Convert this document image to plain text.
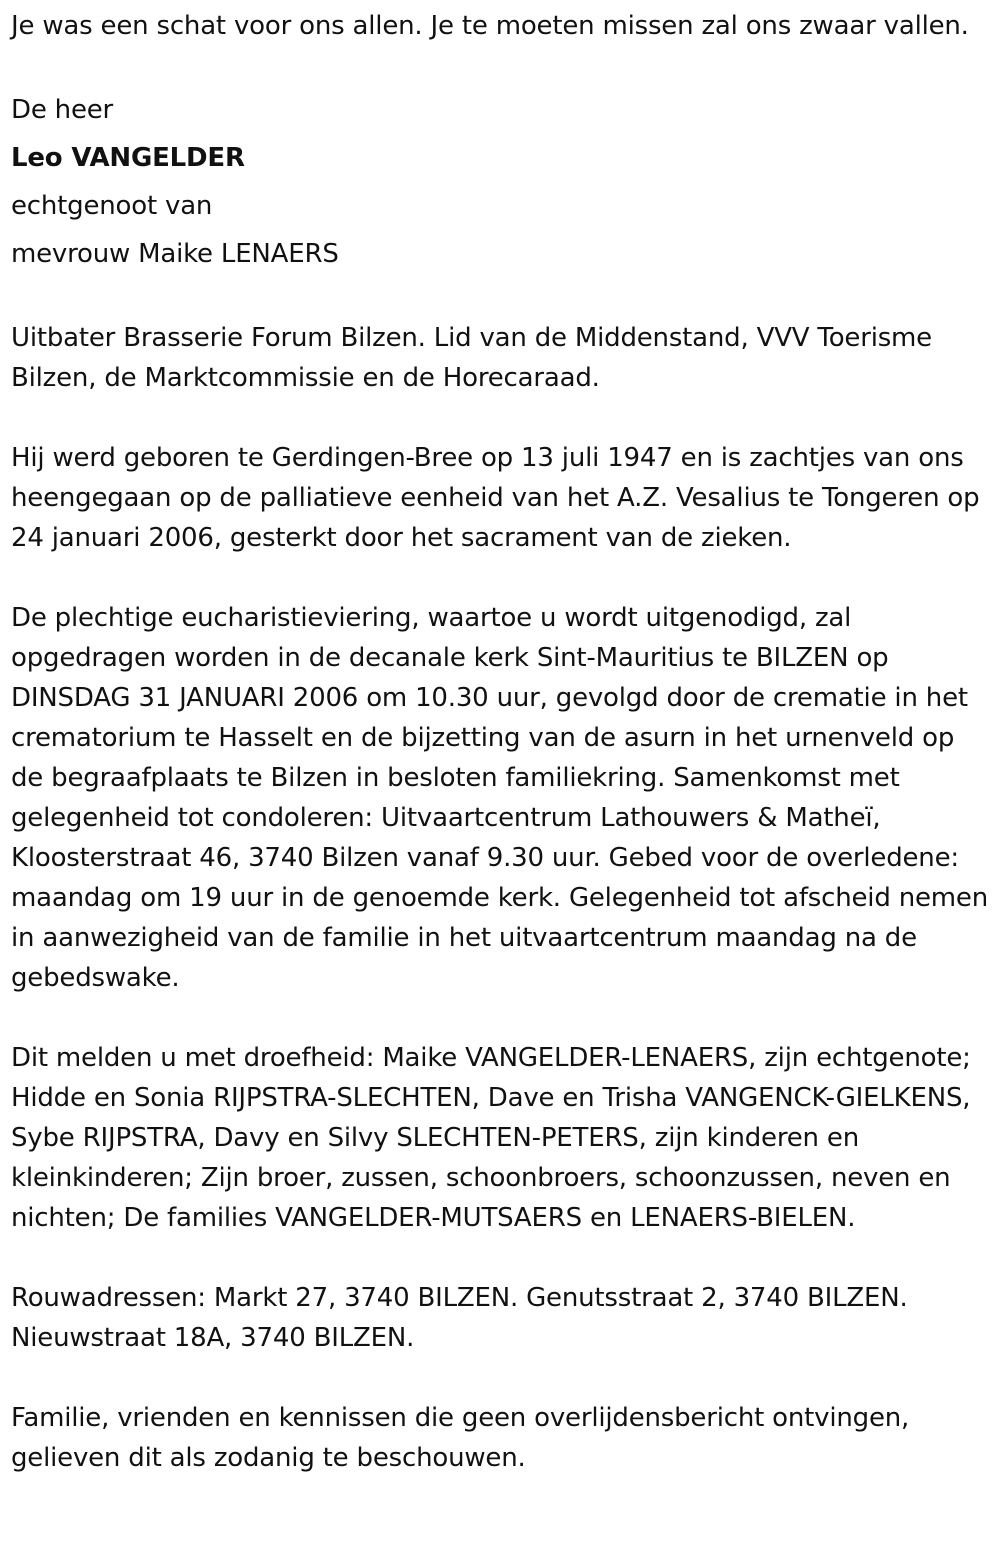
Je was een schat voor ons allen. Je te moeten missen zal ons zwaar vallen.

De heer

Leo VANGELDER

echtgenoot van

mevrouw Maike LENAERS

Uitbater Brasserie Forum Bilzen. Lid van de Middenstand, VVV Toerisme Bilzen, de Marktcommissie en de Horecaraad.

Hij werd geboren te Gerdingen-Bree op 13 juli 1947 en is zachtjes van ons heengegaan op de palliatieve eenheid van het A.Z. Vesalius te Tongeren op 24 januari 2006, gesterkt door het sacrament van de zieken.

De plechtige eucharistieviering, waartoe u wordt uitgenodigd, zal opgedragen worden in de decanale kerk Sint-Mauritius te BILZEN op DINSDAG 31 JANUARI 2006 om 10.30 uur, gevolgd door de crematie in het crematorium te Hasselt en de bijzetting van de asurn in het urnenveld op de begraafplaats te Bilzen in besloten familiekring. Samenkomst met gelegenheid tot condoleren: Uitvaartcentrum Lathouwers & Matheï, Kloosterstraat 46, 3740 Bilzen vanaf 9.30 uur. Gebed voor de overledene: maandag om 19 uur in de genoemde kerk. Gelegenheid tot afscheid nemen in aanwezigheid van de familie in het uitvaartcentrum maandag na de gebedswake.

Dit melden u met droefheid: Maike VANGELDER-LENAERS, zijn echtgenote; Hidde en Sonia RIJPSTRA-SLECHTEN, Dave en Trisha VANGENCK-GIELKENS, Sybe RIJPSTRA, Davy en Silvy SLECHTEN-PETERS, zijn kinderen en kleinkinderen; Zijn broer, zussen, schoonbroers, schoonzussen, neven en nichten; De families VANGELDER-MUTSAERS en LENAERS-BIELEN.

Rouwadressen: Markt 27, 3740 BILZEN. Genutsstraat 2, 3740 BILZEN. Nieuwstraat 18A, 3740 BILZEN.

Familie, vrienden en kennissen die geen overlijdensbericht ontvingen, gelieven dit als zodanig te beschouwen.
